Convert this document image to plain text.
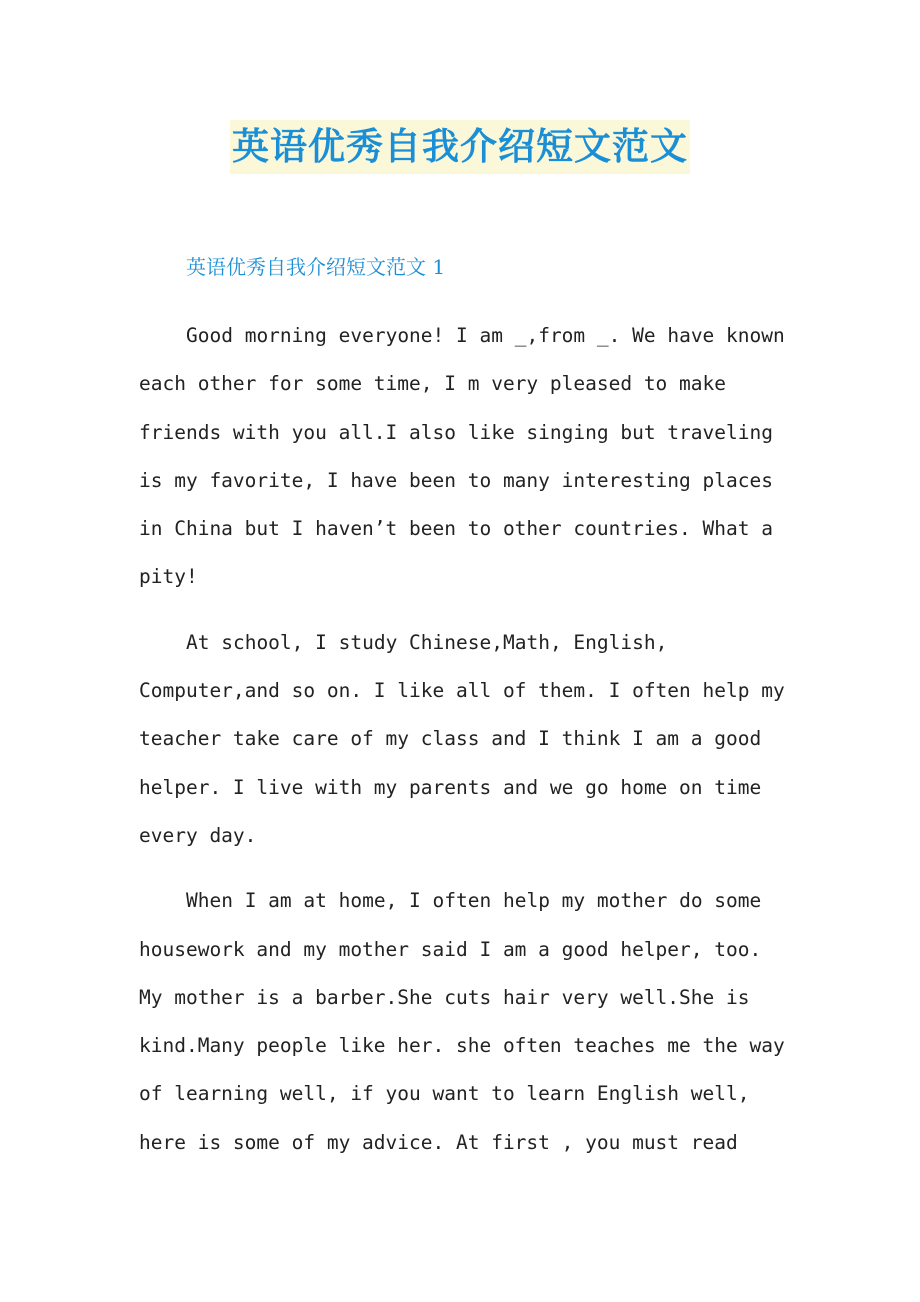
英语优秀自我介绍短文范文
英语优秀自我介绍短文范文 1
Good morning everyone! I am _,from _. We have known
each other for some time, I m very pleased to make
friends with you all.I also like singing but traveling
is my favorite, I have been to many interesting places
in China but I haven’t been to other countries. What a
pity!
At school, I study Chinese,Math, English,
Computer,and so on. I like all of them. I often help my
teacher take care of my class and I think I am a good
helper. I live with my parents and we go home on time
every day.
When I am at home, I often help my mother do some
housework and my mother said I am a good helper, too.
My mother is a barber.She cuts hair very well.She is
kind.Many people like her. she often teaches me the way
of learning well, if you want to learn English well,
here is some of my advice. At first , you must read
